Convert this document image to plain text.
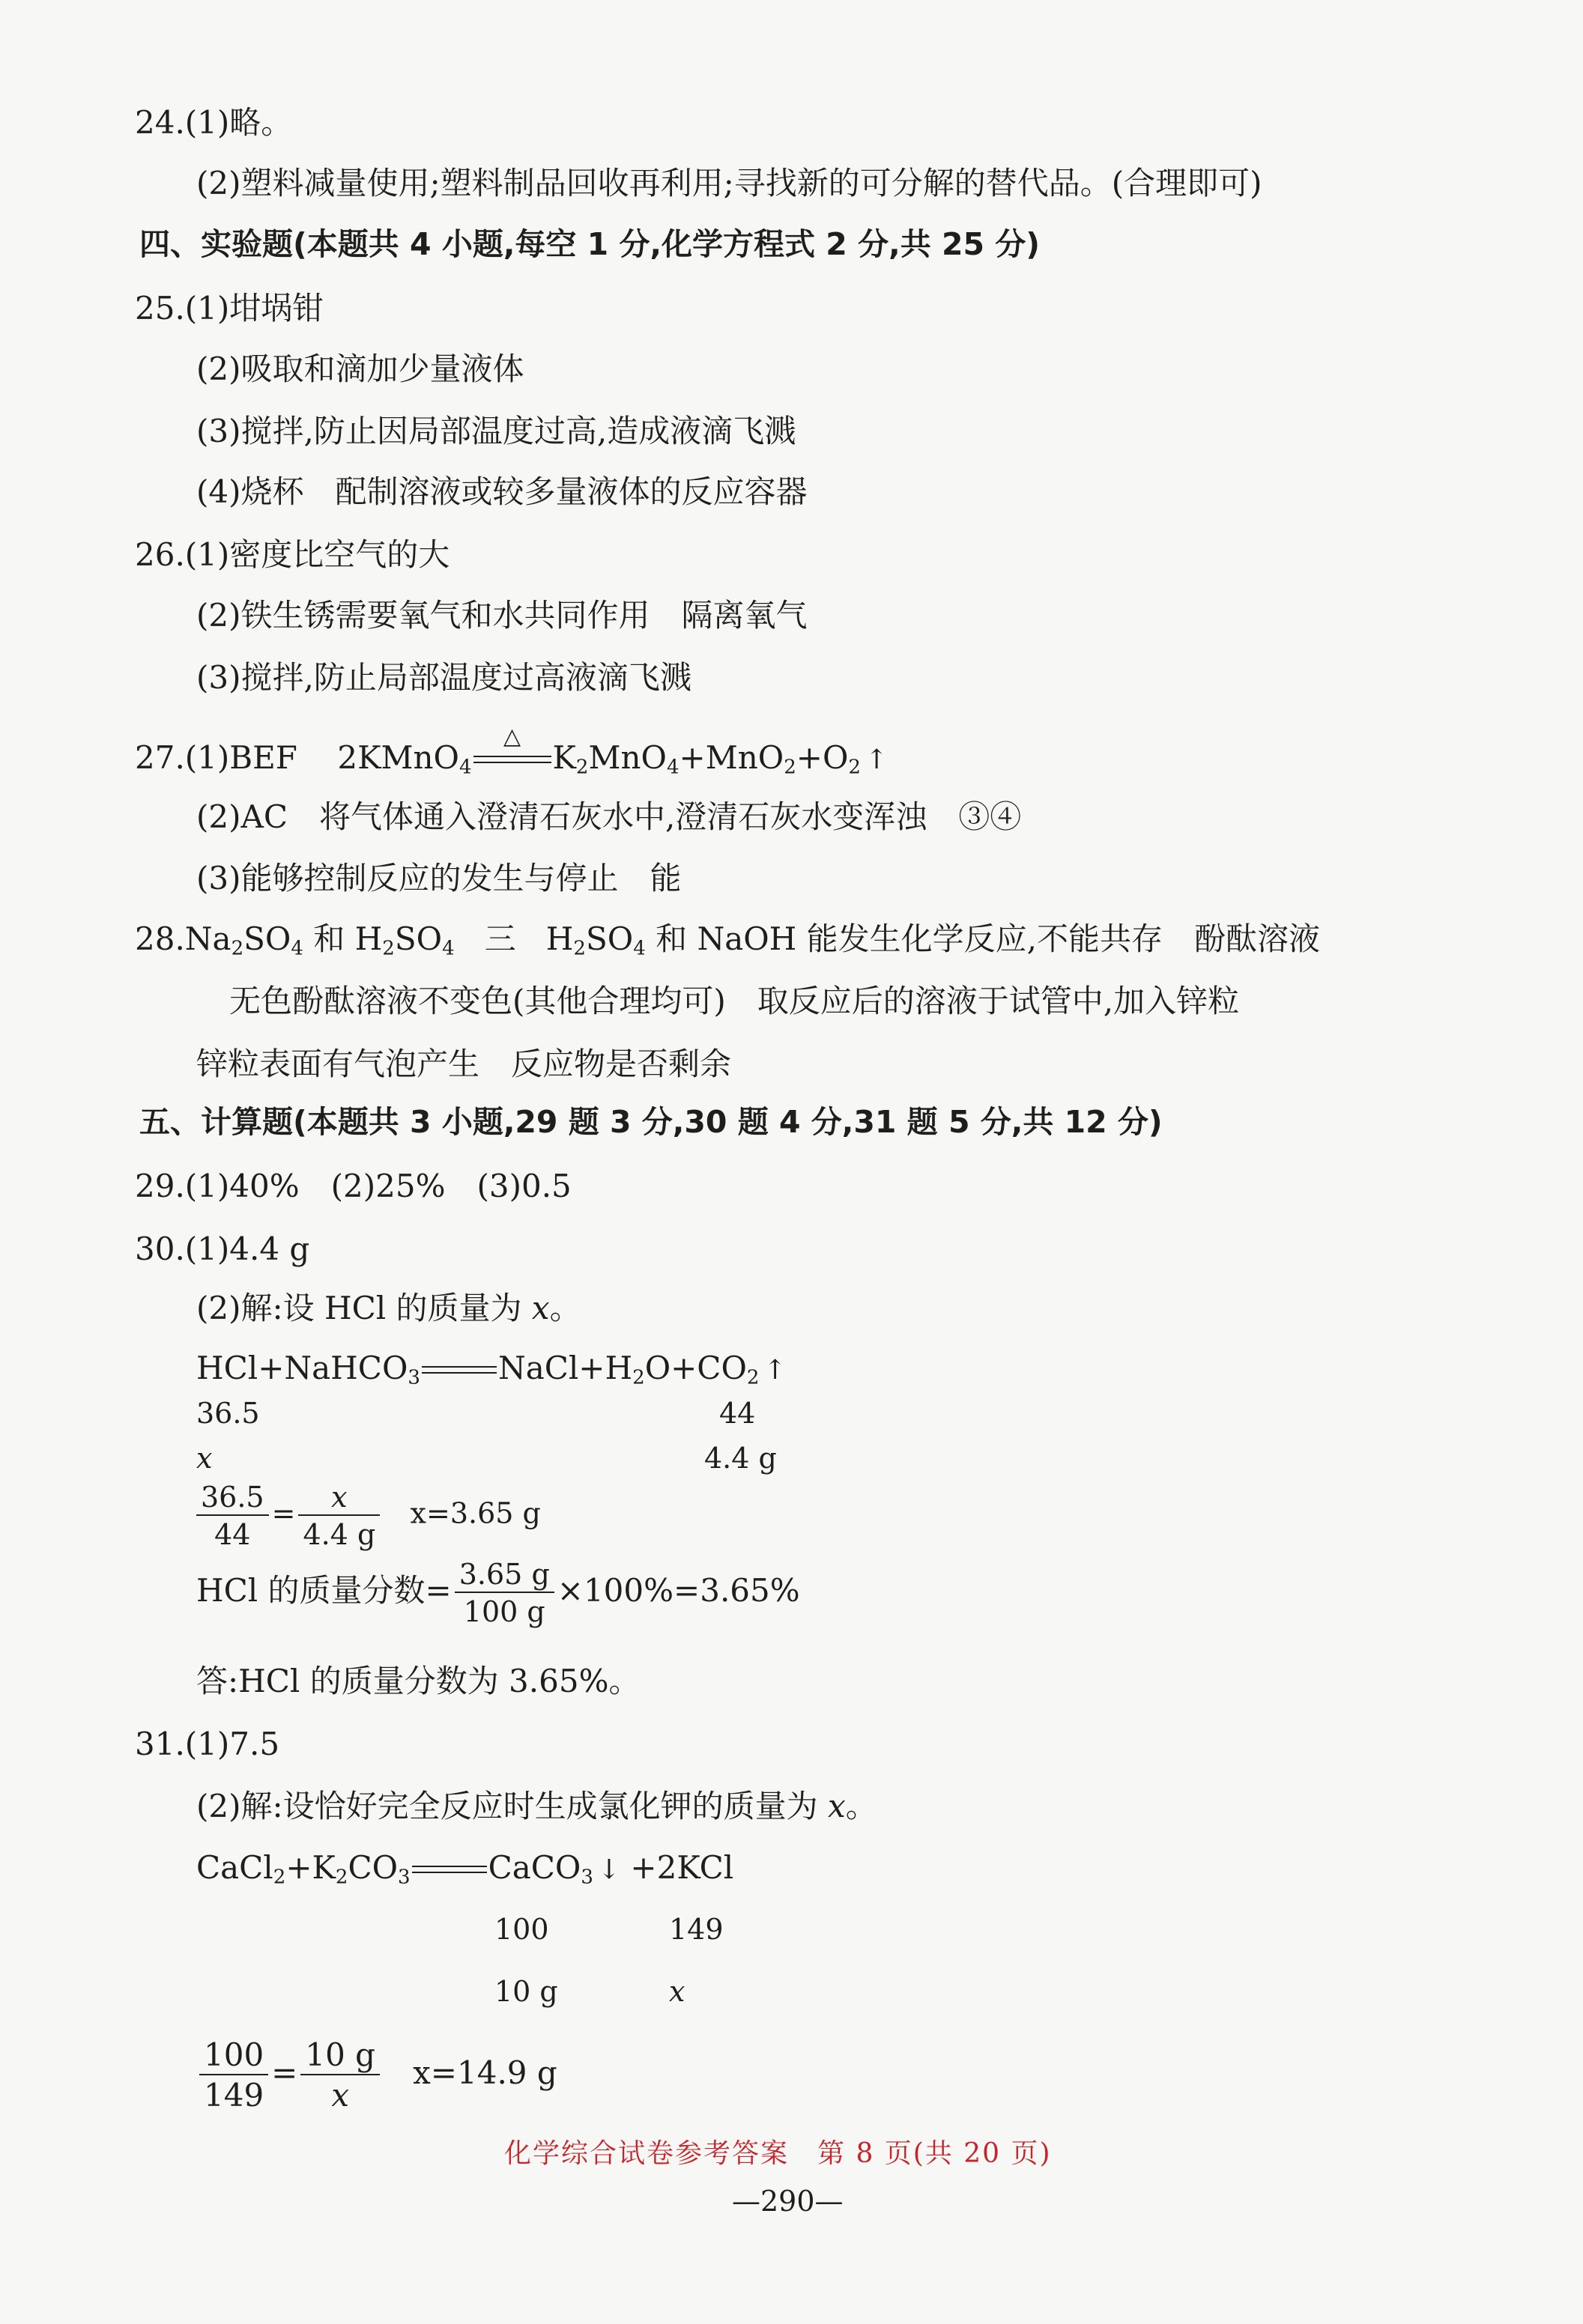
24.(1)略。
(2)塑料减量使用;塑料制品回收再利用;寻找新的可分解的替代品。(合理即可)
四、实验题(本题共 4 小题,每空 1 分,化学方程式 2 分,共 25 分)
25.(1)坩埚钳
(2)吸取和滴加少量液体
(3)搅拌,防止因局部温度过高,造成液滴飞溅
(4)烧杯　配制溶液或较多量液体的反应容器
26.(1)密度比空气的大
(2)铁生锈需要氧气和水共同作用　隔离氧气
(3)搅拌,防止局部温度过高液滴飞溅
27.(1)BEF 2KMnO$_4$
△
$K_2MnO_4+MnO_2+O_2$ ↑
(2)AC　将气体通入澄清石灰水中,澄清石灰水变浑浊　③④
(3)能够控制反应的发生与停止　能
$28.Na_2SO_4$ 和 $H_2SO_4$ 三   $H_2SO_4$ 和 NaOH 能发生化学反应,不能共存　酚酞溶液
无色酚酞溶液不变色(其他合理均可)　取反应后的溶液于试管中,加入锌粒
锌粒表面有气泡产生　反应物是否剩余
五、计算题(本题共 3 小题,29 题 3 分,30 题 4 分,31 题 5 分,共 12 分)
29.(1)40%　(2)25%　(3)0.5
30.(1)4.4 g
(2)解:设 HCl 的质量为 x。
HCl+NaHCO$_3$ $NaCl+H_2O+CO_2$ ↑
36.5	44
x	4.4 g
$\frac{36.5}{44} = \frac{x}{4.4 g} x=3.65$ g
HCl 的质量分数= $\frac{3.65 g}{100 g} \times 100\%=3.65\%$
答:HCl 的质量分数为 3.65%。
31.(1)7.5
(2)解:设恰好完全反应时生成氯化钾的质量为 x。
$CaCl_2+K_2CO_3$ CaCO$_3$ ↓ +2KCl
100	149
10 g	x
$\frac{100}{149} = \frac{10 g}{x} x=14.9$ g
化学综合试卷参考答案　第 8 页(共 20 页)
—290—
